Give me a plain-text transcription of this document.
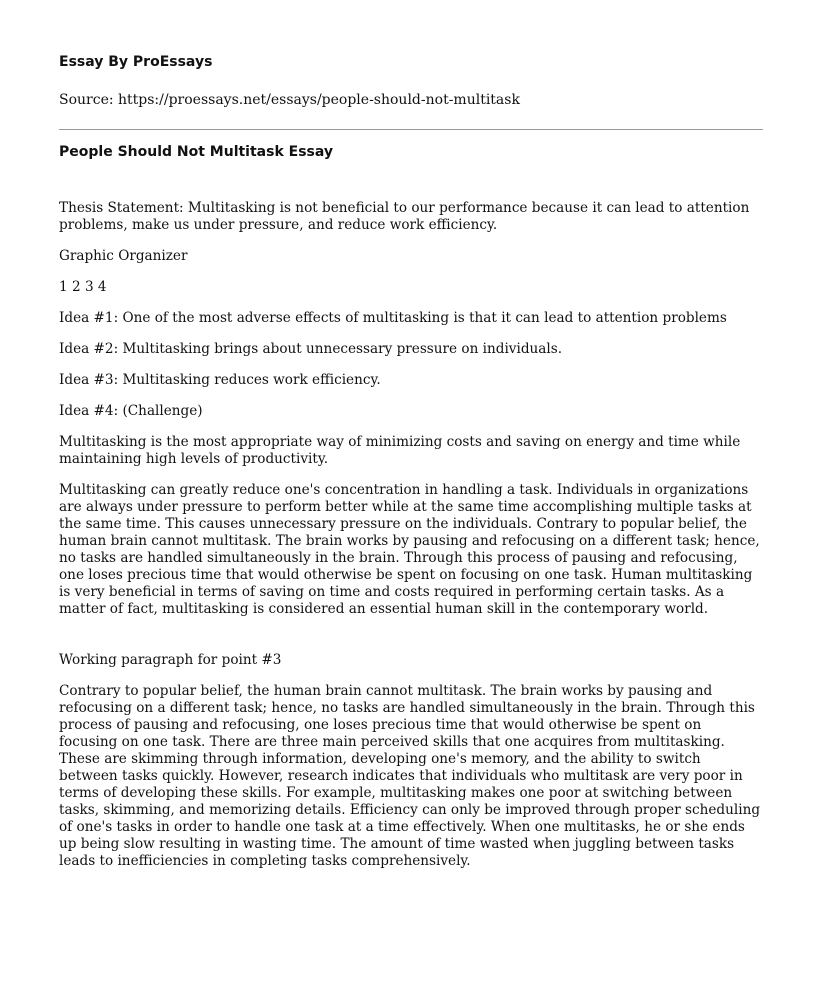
Essay By ProEssays
Source: https://proessays.net/essays/people-should-not-multitask
People Should Not Multitask Essay

Thesis Statement: Multitasking is not beneficial to our performance because it can lead to attention problems, make us under pressure, and reduce work efficiency.

Graphic Organizer

1 2 3 4

Idea #1: One of the most adverse effects of multitasking is that it can lead to attention problems

Idea #2: Multitasking brings about unnecessary pressure on individuals.

Idea #3: Multitasking reduces work efficiency.

Idea #4: (Challenge)

Multitasking is the most appropriate way of minimizing costs and saving on energy and time while maintaining high levels of productivity.

Multitasking can greatly reduce one's concentration in handling a task. Individuals in organizations are always under pressure to perform better while at the same time accomplishing multiple tasks at the same time. This causes unnecessary pressure on the individuals. Contrary to popular belief, the human brain cannot multitask. The brain works by pausing and refocusing on a different task; hence, no tasks are handled simultaneously in the brain. Through this process of pausing and refocusing, one loses precious time that would otherwise be spent on focusing on one task. Human multitasking is very beneficial in terms of saving on time and costs required in performing certain tasks. As a matter of fact, multitasking is considered an essential human skill in the contemporary world.

Working paragraph for point #3

Contrary to popular belief, the human brain cannot multitask. The brain works by pausing and refocusing on a different task; hence, no tasks are handled simultaneously in the brain. Through this process of pausing and refocusing, one loses precious time that would otherwise be spent on focusing on one task. There are three main perceived skills that one acquires from multitasking. These are skimming through information, developing one's memory, and the ability to switch between tasks quickly. However, research indicates that individuals who multitask are very poor in terms of developing these skills. For example, multitasking makes one poor at switching between tasks, skimming, and memorizing details. Efficiency can only be improved through proper scheduling of one's tasks in order to handle one task at a time effectively. When one multitasks, he or she ends up being slow resulting in wasting time. The amount of time wasted when juggling between tasks leads to inefficiencies in completing tasks comprehensively.
